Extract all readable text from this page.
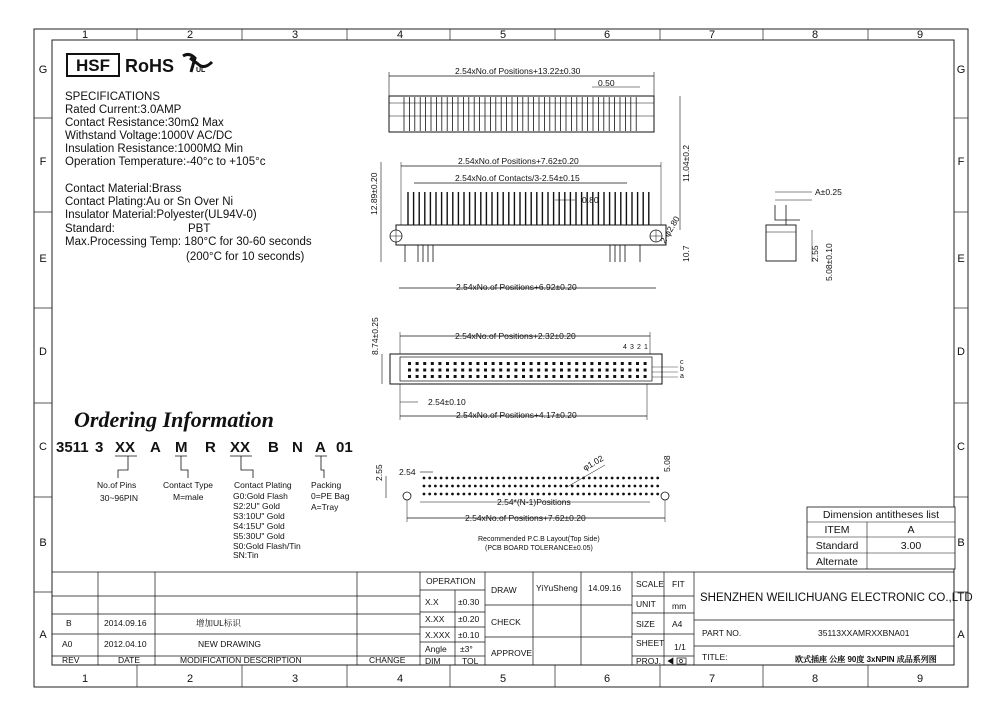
1
1
2
2
3
3
4
4
5
5
6
6
7
7
8
8
9
9
G	G
F	F
E	E
D	D
C	C
B	B
A	A
HSF RoHS	UL
SPECIFICATIONS
Rated Current:3.0AMP
Contact Resistance:30mΩ Max
Withstand Voltage:1000V AC/DC
Insulation Resistance:1000MΩ Min
Operation Temperature:-40°c to +105°c
Contact Material:Brass
Contact Plating:Au or Sn Over Ni
Insulator Material:Polyester(UL94V-0)
Standard:	PBT
Max.Processing Temp: 180°C for 30-60 seconds
(200°C for 10 seconds)
Ordering Information
3511 3 XX A M R XX B N A 01
No.of Pins
30~96PIN
Contact Type
M=male
Contact Plating
G0:Gold Flash
S2:2U" Gold
S3:10U" Gold
S4:15U" Gold
S5:30U" Gold
S0:Gold Flash/Tin
SN:Tin
Packing
0=PE Bag
A=Tray
2.54xNo.of Positions+13.22±0.30
0.50
11.04±0.2
2.54xNo.of Positions+7.62±0.20
2.54xNo.of Contacts/3-2.54±0.15
0.80
12.89±0.20
2-φ2.80
10.7
2.54xNo.of Positions+6.92±0.20
2.54xNo.of Positions+2.32±0.20
8.74±0.25	4 3 2 1
c
b
a
2.54±0.10
2.54xNo.of Positions+4.17±0.20
2.54	φ1.02	5.08
2.55
2.54*(N-1)Positions
2.54xNo.of Positions+7.62±0.20
Recommended P.C.B Layout(Top Side)
(PCB BOARD TOLERANCE±0.05)
A±0.25
2.55 5.08±0.10
Dimension antitheses list
ITEM	A
Standard	3.00
Alternate
B	2014.09.16	增加UL标识
A0	2012.04.10	NEW DRAWING
REV	DATE	MODIFICATION DESCRIPTION	CHANGE
OPERATION
X.X ±0.30
X.XX ±0.20
X.XXX ±0.10
Angle ±3°
DIM	TOL
DRAW YiYuSheng 14.09.16
CHECK
APPROVE
SCALE FIT
UNIT mm
SIZE A4
SHEET 1/1
PROJ.
SHENZHEN WEILICHUANG ELECTRONIC CO.,LTD
PART NO.	35113XXAMRXXBNA01
TITLE:	欧式插座 公座 90度 3xNPIN 成品系列图
